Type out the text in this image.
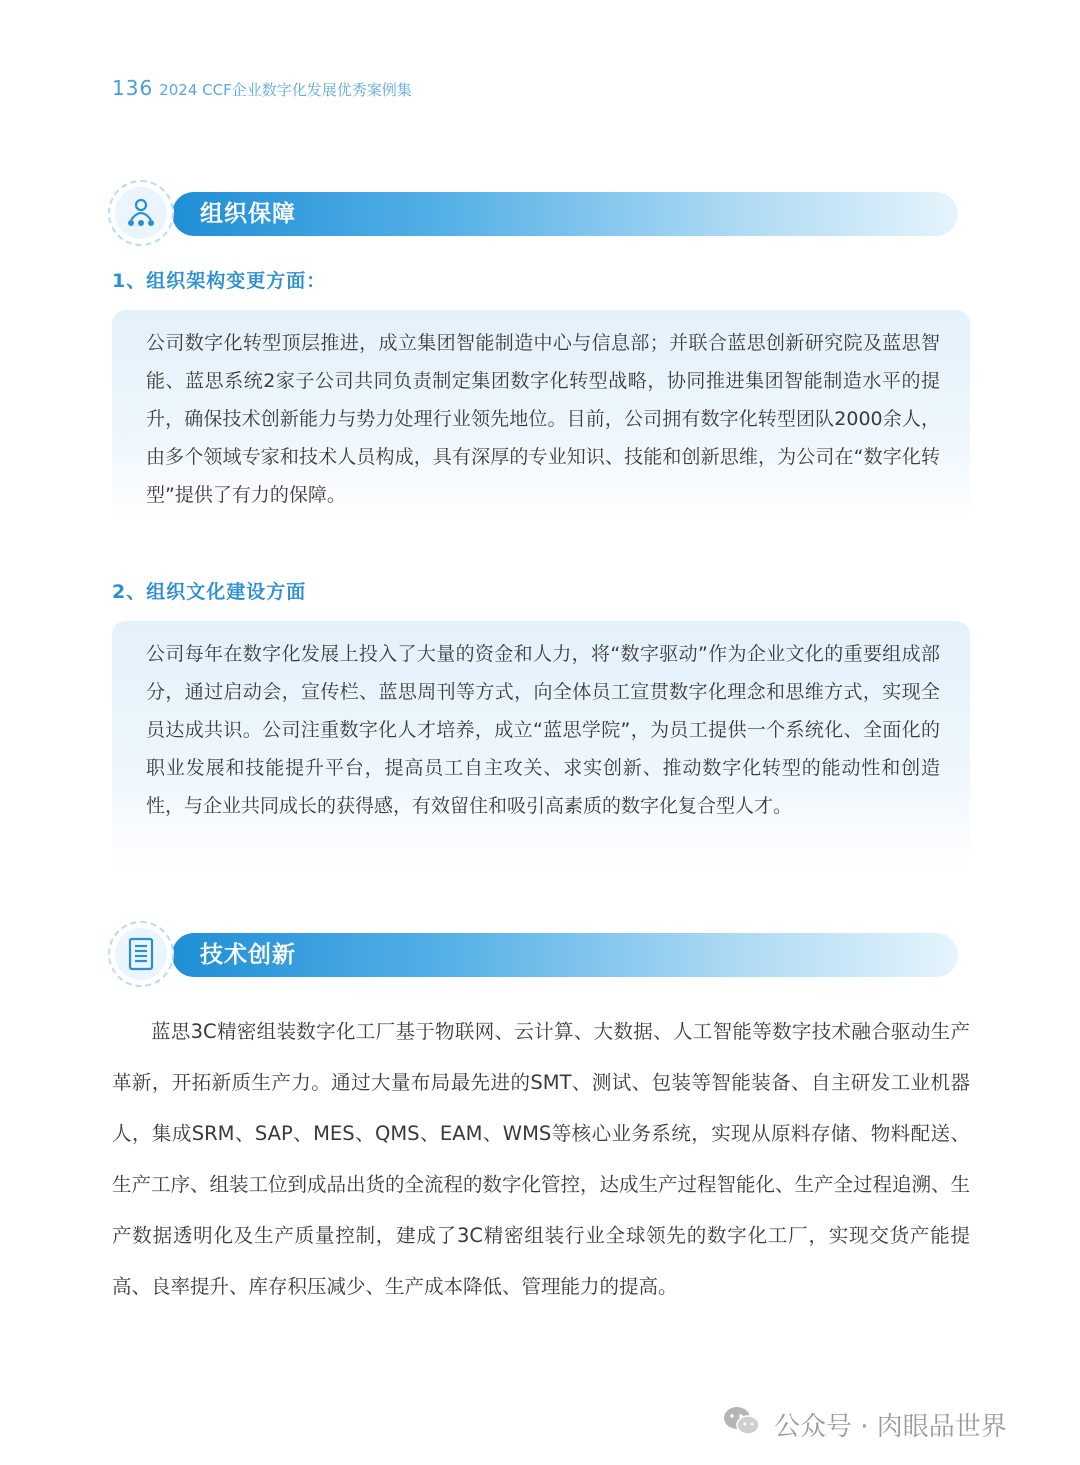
136 2024 CCF企业数字化发展优秀案例集
组织保障
1、组织架构变更方面：

公司数字化转型顶层推进，成立集团智能制造中心与信息部；并联合蓝思创新研究院及蓝思智能、蓝思系统2家子公司共同负责制定集团数字化转型战略，协同推进集团智能制造水平的提升，确保技术创新能力与势力处理行业领先地位。目前，公司拥有数字化转型团队2000余人，由多个领域专家和技术人员构成，具有深厚的专业知识、技能和创新思维，为公司在“数字化转型”提供了有力的保障。

2、组织文化建设方面

公司每年在数字化发展上投入了大量的资金和人力，将“数字驱动”作为企业文化的重要组成部分，通过启动会，宣传栏、蓝思周刊等方式，向全体员工宣贯数字化理念和思维方式，实现全员达成共识。公司注重数字化人才培养，成立“蓝思学院”，为员工提供一个系统化、全面化的职业发展和技能提升平台，提高员工自主攻关、求实创新、推动数字化转型的能动性和创造性，与企业共同成长的获得感，有效留住和吸引高素质的数字化复合型人才。

技术创新

蓝思3C精密组装数字化工厂基于物联网、云计算、大数据、人工智能等数字技术融合驱动生产革新，开拓新质生产力。通过大量布局最先进的SMT、测试、包装等智能装备、自主研发工业机器人，集成SRM、SAP、MES、QMS、EAM、WMS等核心业务系统，实现从原料存储、物料配送、生产工序、组装工位到成品出货的全流程的数字化管控，达成生产过程智能化、生产全过程追溯、生产数据透明化及生产质量控制，建成了3C精密组装行业全球领先的数字化工厂，实现交货产能提高、良率提升、库存积压减少、生产成本降低、管理能力的提高。

公众号 · 肉眼品世界
